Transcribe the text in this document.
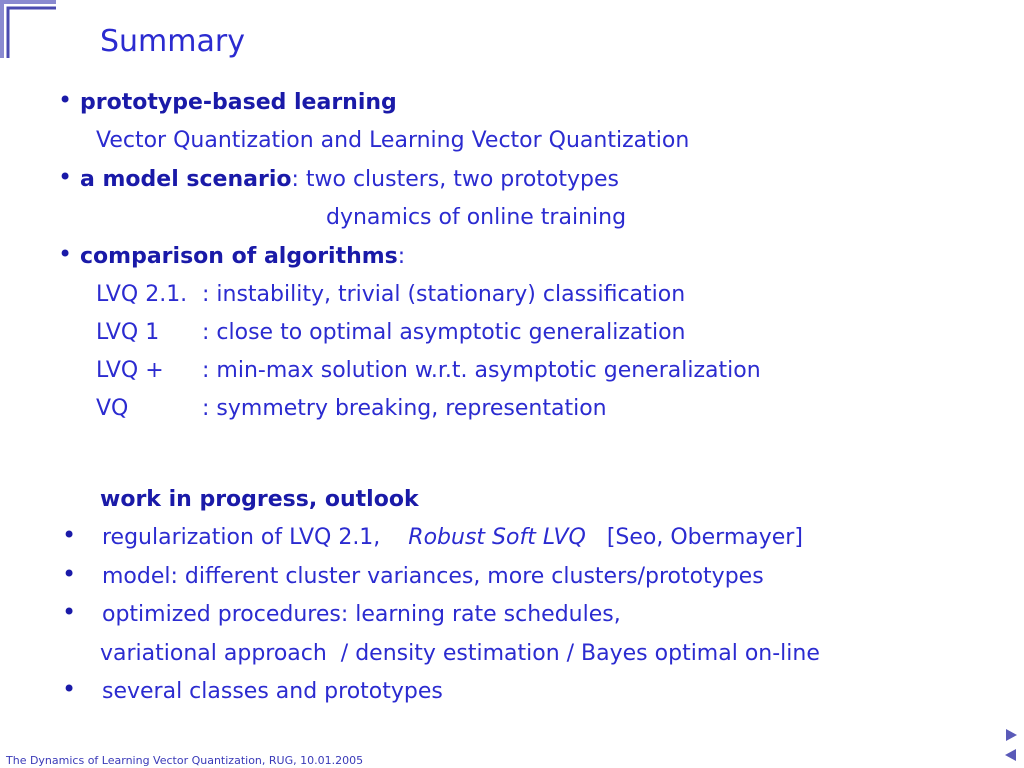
Summary
• prototype-based learning
Vector Quantization and Learning Vector Quantization
• a model scenario: two clusters, two prototypes
dynamics of online training
• comparison of algorithms:
LVQ 2.1. : instability, trivial (stationary) classification
LVQ 1 : close to optimal asymptotic generalization
LVQ + : min-max solution w.r.t. asymptotic generalization
VQ	: symmetry breaking, representation
work in progress, outlook
• regularization of LVQ 2.1, Robust Soft LVQ [Seo, Obermayer]
• model: different cluster variances, more clusters/prototypes
• optimized procedures: learning rate schedules,
variational approach  / density estimation / Bayes optimal on-line
• several classes and prototypes
The Dynamics of Learning Vector Quantization, RUG, 10.01.2005
